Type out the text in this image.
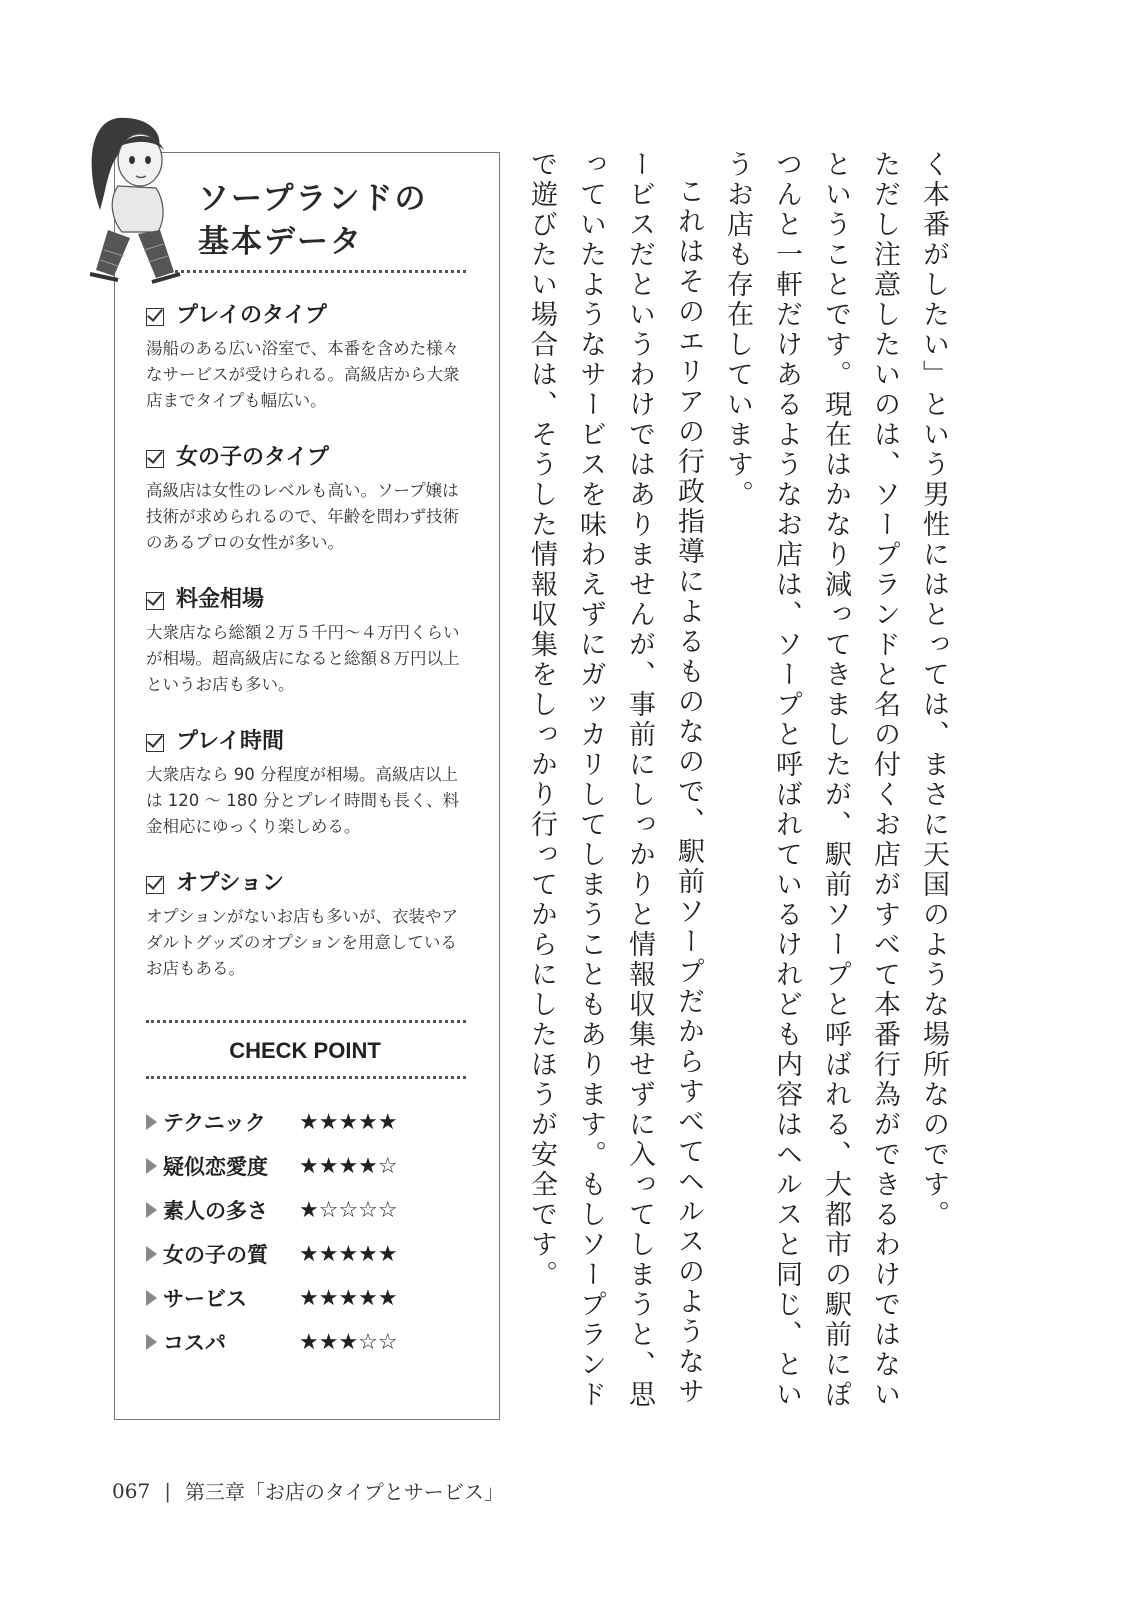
く本番がしたい」という男性にはとっては、まさに天国のような場所なのです。

ただし注意したいのは、ソープランドと名の付くお店がすべて本番行為ができるわけではないということです。現在はかなり減ってきましたが、駅前ソープと呼ばれる、大都市の駅前にぽつんと一軒だけあるようなお店は、ソープと呼ばれているけれども内容はヘルスと同じ、というお店も存在しています。

これはそのエリアの行政指導によるものなので、駅前ソープだからすべてヘルスのようなサービスだというわけではありませんが、事前にしっかりと情報収集せずに入ってしまうと、思っていたようなサービスを味わえずにガッカリしてしまうこともあります。もしソープランドで遊びたい場合は、そうした情報収集をしっかり行ってからにしたほうが安全です。

ソープランドの
基本データ
プレイのタイプ

湯船のある広い浴室で、本番を含めた様々なサービスが受けられる。高級店から大衆店までタイプも幅広い。

女の子のタイプ

高級店は女性のレベルも高い。ソープ嬢は技術が求められるので、年齢を問わず技術のあるプロの女性が多い。

料金相場

大衆店なら総額２万５千円～４万円くらいが相場。超高級店になると総額８万円以上というお店も多い。

プレイ時間

大衆店なら 90 分程度が相場。高級店以上は 120 ～ 180 分とプレイ時間も長く、料金相応にゆっくり楽しめる。

オプション

オプションがないお店も多いが、衣装やアダルトグッズのオプションを用意しているお店もある。

CHECK POINT
テクニック	★★★★★
疑似恋愛度	★★★★☆
素人の多さ	★☆☆☆☆
女の子の質	★★★★★
サービス	★★★★★
コスパ	★★★☆☆
067 | 第三章「お店のタイプとサービス」
